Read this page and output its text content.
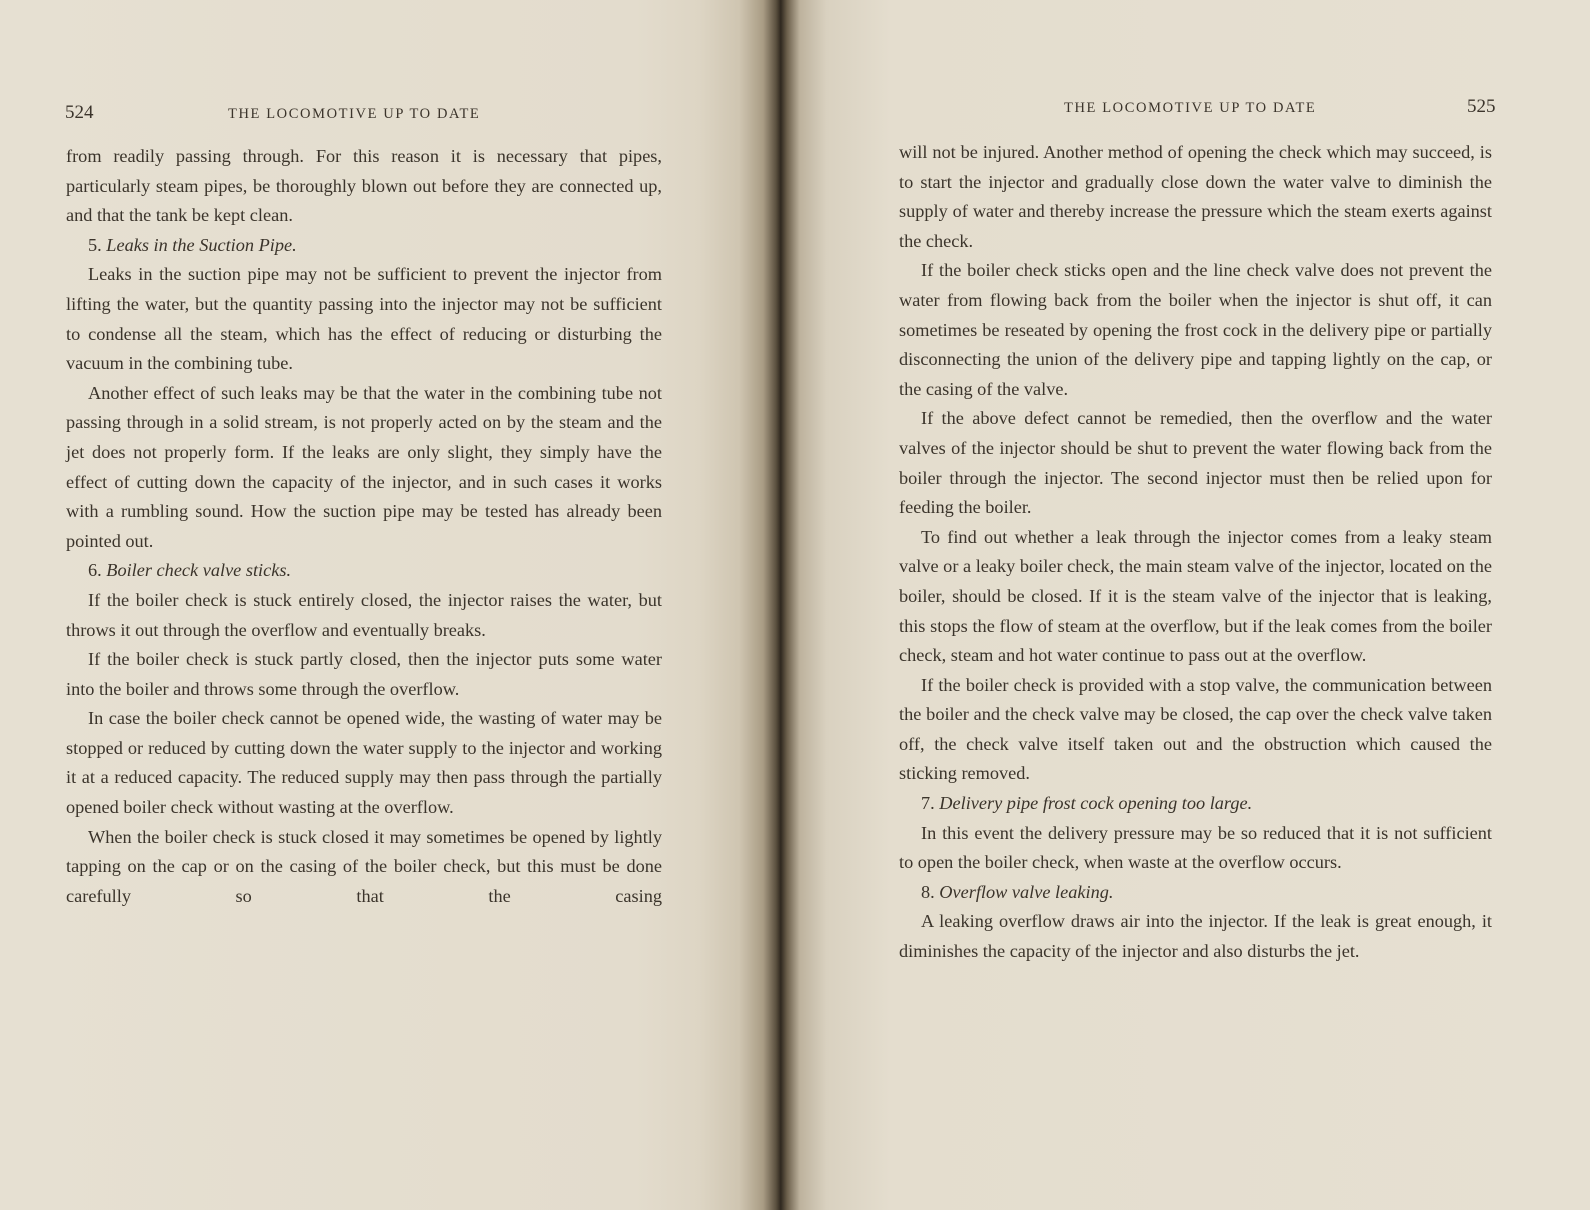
524	THE LOCOMOTIVE UP TO DATE

from readily passing through. For this reason it is necessary that pipes, particularly steam pipes, be thoroughly blown out before they are connected up, and that the tank be kept clean.

5. Leaks in the Suction Pipe.

Leaks in the suction pipe may not be sufficient to prevent the injector from lifting the water, but the quantity passing into the injector may not be sufficient to condense all the steam, which has the effect of reducing or disturbing the vacuum in the combining tube.

Another effect of such leaks may be that the water in the combining tube not passing through in a solid stream, is not properly acted on by the steam and the jet does not properly form. If the leaks are only slight, they simply have the effect of cutting down the capacity of the injector, and in such cases it works with a rumbling sound. How the suction pipe may be tested has already been pointed out.

6. Boiler check valve sticks.

If the boiler check is stuck entirely closed, the injector raises the water, but throws it out through the overflow and eventually breaks.

If the boiler check is stuck partly closed, then the injector puts some water into the boiler and throws some through the overflow.

In case the boiler check cannot be opened wide, the wasting of water may be stopped or reduced by cutting down the water supply to the injector and working it at a reduced capacity. The reduced supply may then pass through the partially opened boiler check without wasting at the overflow.

When the boiler check is stuck closed it may sometimes be opened by lightly tapping on the cap or on the casing of the boiler check, but this must be done carefully so that the casing

THE LOCOMOTIVE UP TO DATE	525

will not be injured. Another method of opening the check which may succeed, is to start the injector and gradually close down the water valve to diminish the supply of water and thereby increase the pressure which the steam exerts against the check.

If the boiler check sticks open and the line check valve does not prevent the water from flowing back from the boiler when the injector is shut off, it can sometimes be reseated by opening the frost cock in the delivery pipe or partially disconnecting the union of the delivery pipe and tapping lightly on the cap, or the casing of the valve.

If the above defect cannot be remedied, then the overflow and the water valves of the injector should be shut to prevent the water flowing back from the boiler through the injector. The second injector must then be relied upon for feeding the boiler.

To find out whether a leak through the injector comes from a leaky steam valve or a leaky boiler check, the main steam valve of the injector, located on the boiler, should be closed. If it is the steam valve of the injector that is leaking, this stops the flow of steam at the overflow, but if the leak comes from the boiler check, steam and hot water continue to pass out at the overflow.

If the boiler check is provided with a stop valve, the communication between the boiler and the check valve may be closed, the cap over the check valve taken off, the check valve itself taken out and the obstruction which caused the sticking removed.

7. Delivery pipe frost cock opening too large.

In this event the delivery pressure may be so reduced that it is not sufficient to open the boiler check, when waste at the overflow occurs.

8. Overflow valve leaking.

A leaking overflow draws air into the injector. If the leak is great enough, it diminishes the capacity of the injector and also disturbs the jet.
